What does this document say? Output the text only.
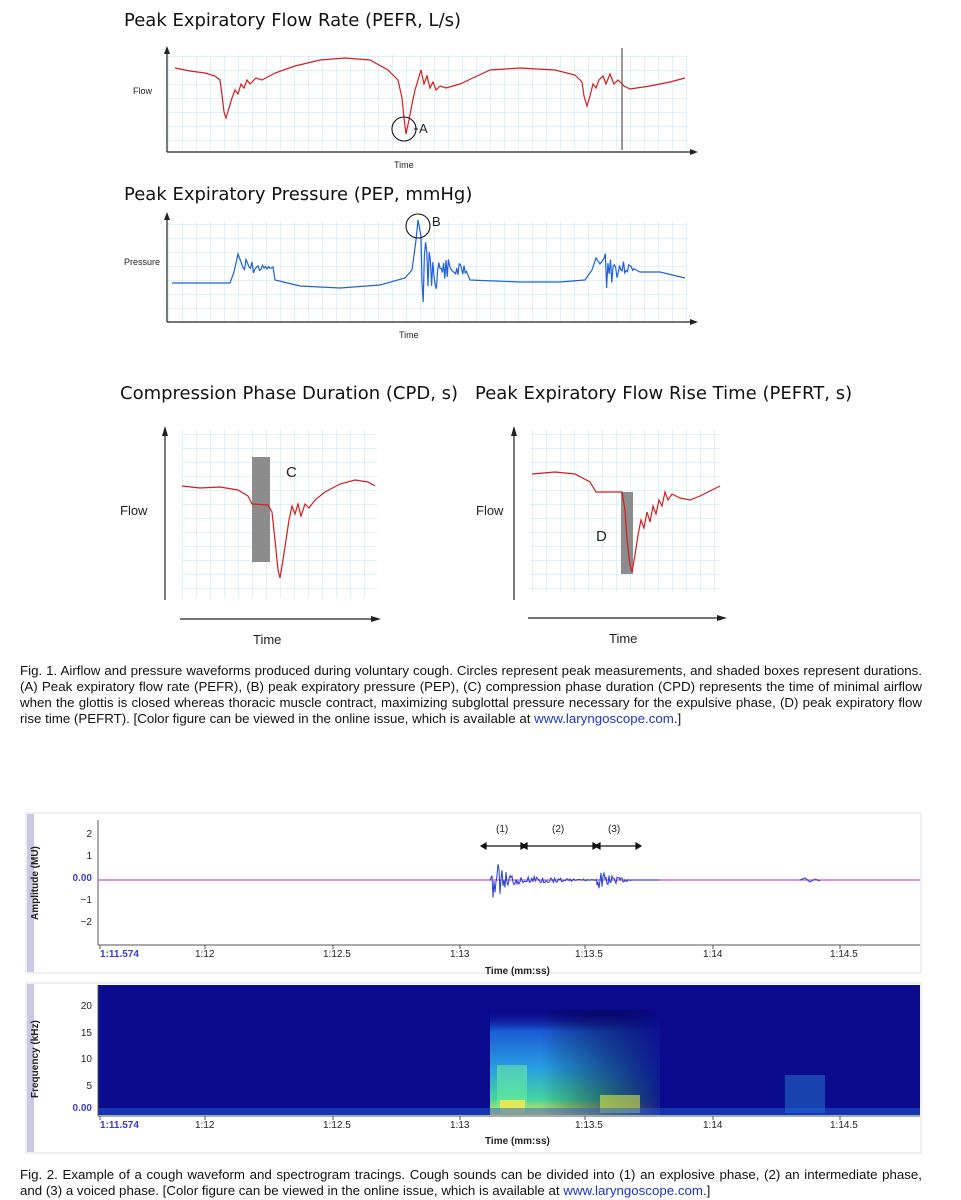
Peak Expiratory Flow Rate (PEFR, L/s)
Flow
Time
A
Peak Expiratory Pressure (PEP, mmHg)
Pressure
Time
B
Compression Phase Duration (CPD, s)
Flow
Time
C
Peak Expiratory Flow Rise Time (PEFRT, s)
Flow
Time
D
Fig. 1. Airflow and pressure waveforms produced during voluntary cough. Circles represent peak measurements, and shaded boxes represent durations. (A) Peak expiratory flow rate (PEFR), (B) peak expiratory pressure (PEP), (C) compression phase duration (CPD) represents the time of minimal airflow when the glottis is closed whereas thoracic muscle contract, maximizing subglottal pressure necessary for the expulsive phase, (D) peak expiratory flow rise time (PEFRT). [Color figure can be viewed in the online issue, which is available at www.laryngoscope.com.]
Amplitude (MU)
2
1
0.00
−1
−2
1:11.574	1:12	1:12.5	1:13	1:13.5	1:14	1:14.5
Time (mm:ss)
(1)	(2)	(3)
Frequency (kHz)
20
15
10
5
0.00
1:11.574	1:12	1:12.5	1:13	1:13.5	1:14	1:14.5
Time (mm:ss)
Fig. 2. Example of a cough waveform and spectrogram tracings. Cough sounds can be divided into (1) an explosive phase, (2) an intermediate phase, and (3) a voiced phase. [Color figure can be viewed in the online issue, which is available at www.laryngoscope.com.]
